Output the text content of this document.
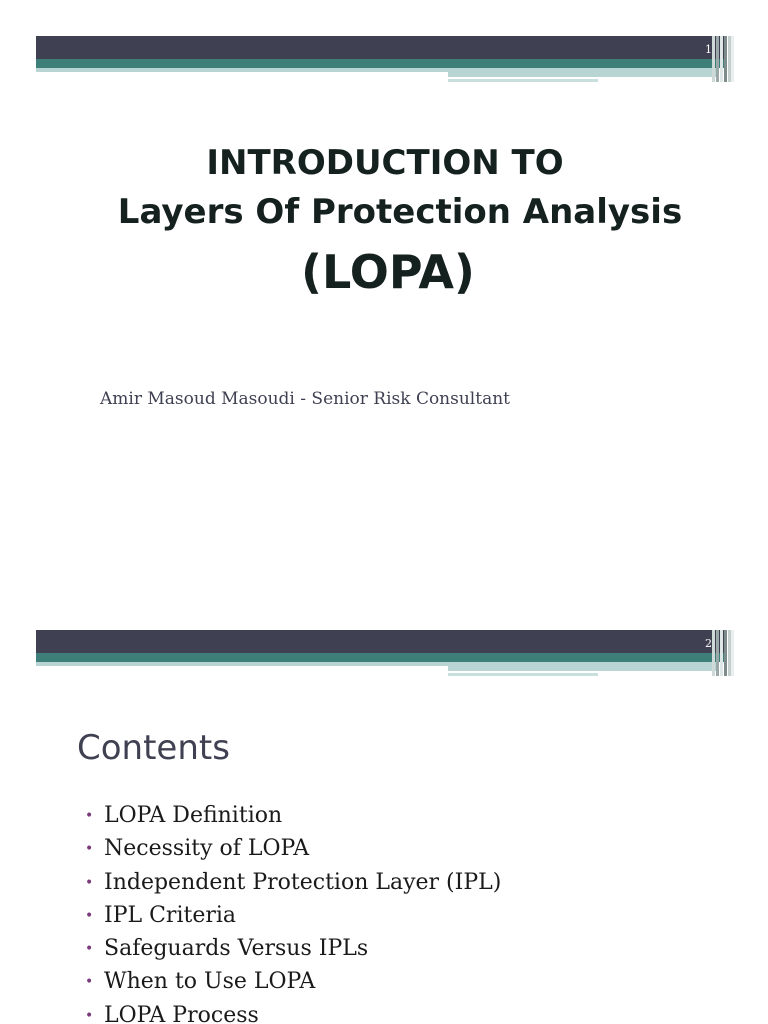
1
INTRODUCTION TO
Layers Of Protection Analysis
(LOPA)
Amir Masoud Masoudi - Senior Risk Consultant
2
Contents
• LOPA Definition
• Necessity of LOPA
• Independent Protection Layer (IPL)
• IPL Criteria
• Safeguards Versus IPLs
• When to Use LOPA
• LOPA Process
